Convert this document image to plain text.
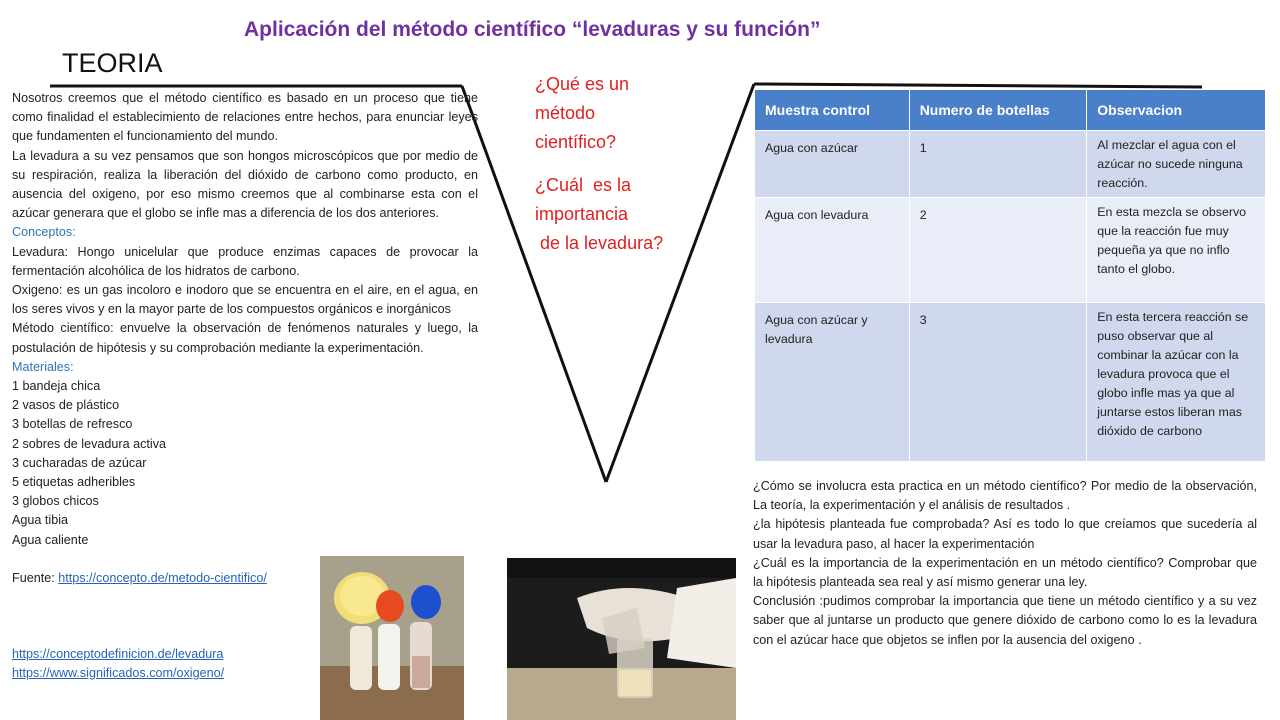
Aplicación del método científico “levaduras y su función”
TEORIA

Nosotros creemos que el método científico es basado en un proceso que tiene como finalidad el establecimiento de relaciones entre hechos, para enunciar leyes que fundamenten el funcionamiento del mundo.

La levadura a su vez pensamos que son hongos microscópicos que por medio de su respiración, realiza la liberación del dióxido de carbono como producto, en ausencia del oxigeno, por eso mismo creemos que al combinarse esta con el azúcar generara que el globo se infle mas a diferencia de los dos anteriores.

Conceptos:

Levadura: Hongo unicelular que produce enzimas capaces de provocar la fermentación alcohólica de los hidratos de carbono.

Oxigeno: es un gas incoloro e inodoro que se encuentra en el aire, en el agua, en los seres vivos y en la mayor parte de los compuestos orgánicos e inorgánicos

Método científico: envuelve la observación de fenómenos naturales y luego, la postulación de hipótesis y su comprobación mediante la experimentación.

Materiales:

1 bandeja chica

2 vasos de plástico

3 botellas de refresco

2 sobres de levadura activa

3 cucharadas de azúcar

5 etiquetas adheribles

3 globos chicos

Agua tibia

Agua caliente

Fuente: https://concepto.de/metodo-cientifico/

https://conceptodefinicion.de/levadura
https://www.significados.com/oxigeno/

¿Qué es un
método
científico?

¿Cuál  es la
importancia
de la levadura?

Muestra control	Numero de botellas	Observacion
Agua con azúcar	1	Al mezclar el agua con el azúcar no sucede ninguna reacción.
Agua con levadura	2	En esta mezcla se observo que la reacción fue muy pequeña ya que no inflo tanto el globo.
Agua con azúcar y levadura	3	En esta tercera reacción se puso observar que al combinar la azúcar con la levadura provoca que el globo infle mas ya que al juntarse estos liberan mas dióxido de carbono

¿Cómo se involucra esta practica en un método científico? Por medio de la observación, La teoría, la experimentación y el análisis de resultados .

¿la hipótesis planteada fue comprobada? Así es todo lo que creíamos que sucedería al usar la levadura paso, al hacer la experimentación

¿Cuál es la importancia de la experimentación en un método científico? Comprobar que la hipótesis planteada sea real y así mismo generar una ley.

Conclusión :pudimos comprobar la importancia que tiene un método científico y a su vez saber que al juntarse un producto que genere dióxido de carbono como lo es la levadura con el azúcar hace que objetos se inflen por la ausencia del oxigeno .
